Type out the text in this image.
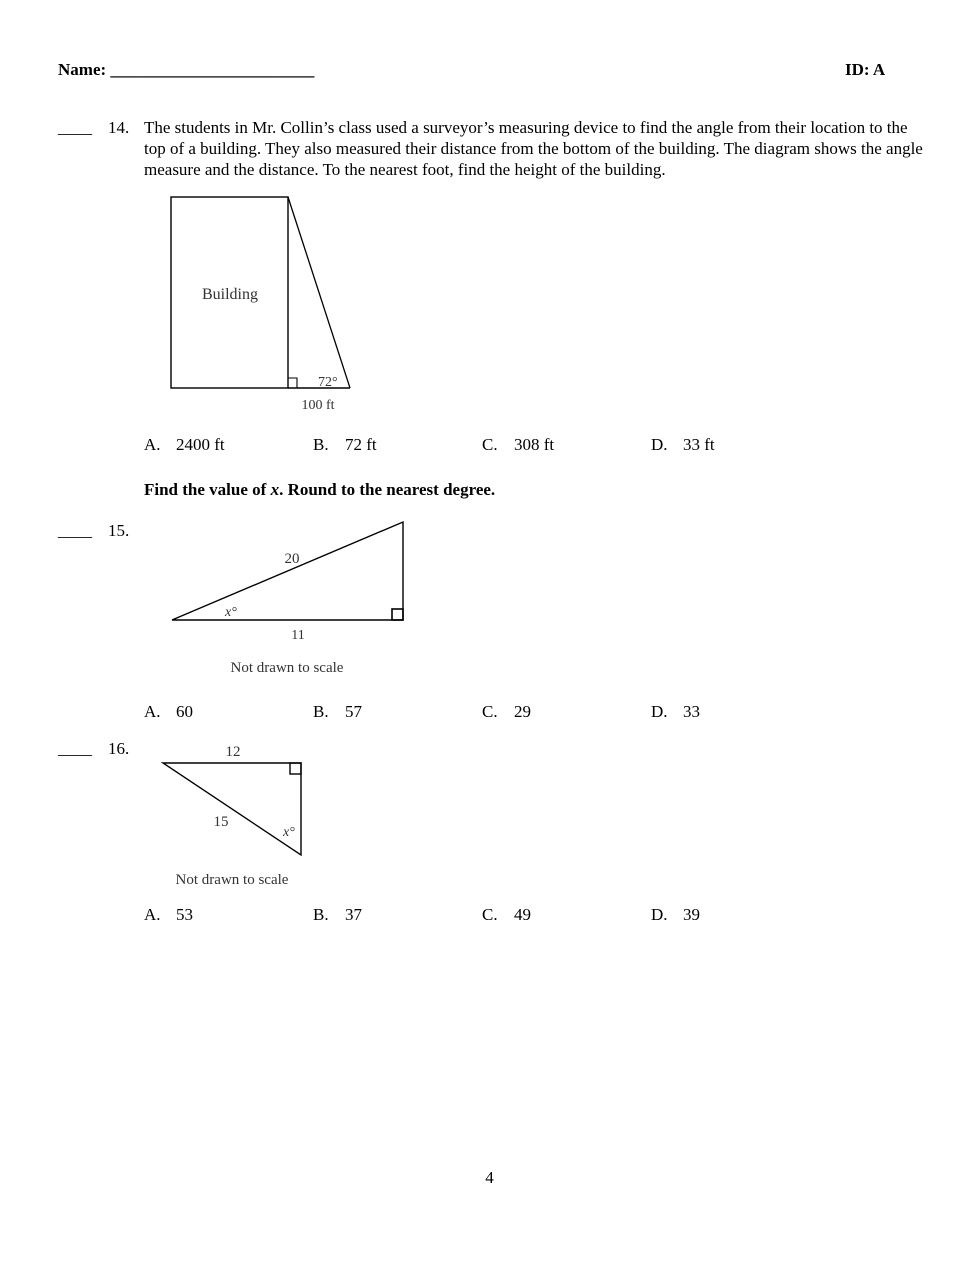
Name: ________________________	ID: A
____ 14. The students in Mr. Collin’s class used a surveyor’s measuring device to find the angle from their location to the top of a building. They also measured their distance from the bottom of the building. The diagram shows the angle measure and the distance. To the nearest foot, find the height of the building.
Building
72°
100 ft
A. 2400 ft	B. 72 ft	C. 308 ft	D. 33 ft
Find the value of x. Round to the nearest degree.
____ 15.
20
x°
11
Not drawn to scale
A. 60	B. 57	C. 29	D. 33
____ 16.	12
15
x°
Not drawn to scale
A. 53	B. 37	C. 49	D. 39
4
